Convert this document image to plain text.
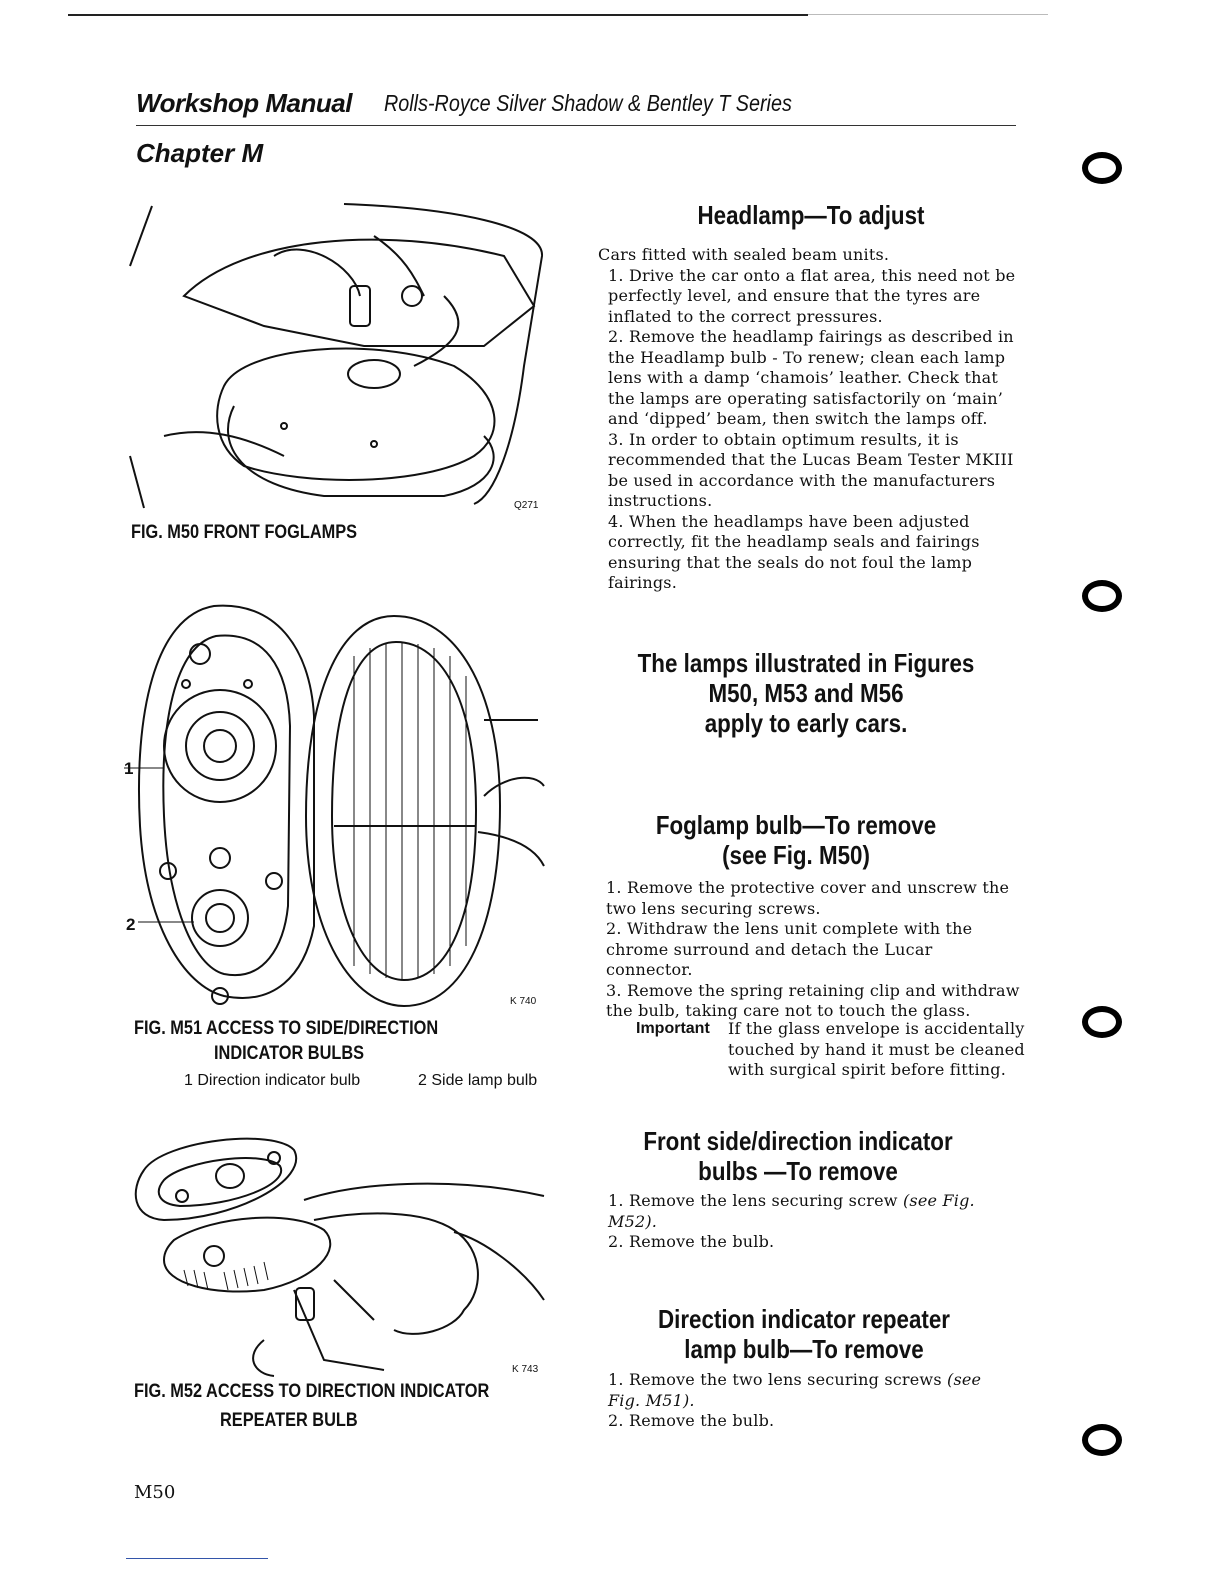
Workshop Manual Rolls-Royce Silver Shadow & Bentley T Series
Chapter M
Q271
FIG. M50 FRONT FOGLAMPS
1
2
K 740
FIG. M51 ACCESS TO SIDE/DIRECTION
INDICATOR BULBS
1 Direction indicator bulb	2 Side lamp bulb
K 743
FIG. M52 ACCESS TO DIRECTION INDICATOR
REPEATER BULB
Headlamp—To adjust

Cars fitted with sealed beam units.

1. Drive the car onto a flat area, this need not be perfectly level, and ensure that the tyres are inflated to the correct pressures.

2. Remove the headlamp fairings as described in the Headlamp bulb - To renew; clean each lamp lens with a damp ‘chamois’ leather. Check that the lamps are operating satisfactorily on ‘main’ and ‘dipped’ beam, then switch the lamps off.

3. In order to obtain optimum results, it is recommended that the Lucas Beam Tester MKIII be used in accordance with the manufacturers instructions.

4. When the headlamps have been adjusted correctly, fit the headlamp seals and fairings ensuring that the seals do not foul the lamp fairings.

The lamps illustrated in Figures
M50, M53 and M56
apply to early cars.
Foglamp bulb—To remove
(see Fig. M50)

1. Remove the protective cover and unscrew the two lens securing screws.

2. Withdraw the lens unit complete with the chrome surround and detach the Lucar connector.

3. Remove the spring retaining clip and withdraw the bulb, taking care not to touch the glass.

Important If the glass envelope is accidentally touched by hand it must be cleaned with surgical spirit before fitting.
Front side/direction indicator
bulbs —To remove

1. Remove the lens securing screw (see Fig. M52).

2. Remove the bulb.

Direction indicator repeater
lamp bulb—To remove

1. Remove the two lens securing screws (see Fig. M51).

2. Remove the bulb.

M50
